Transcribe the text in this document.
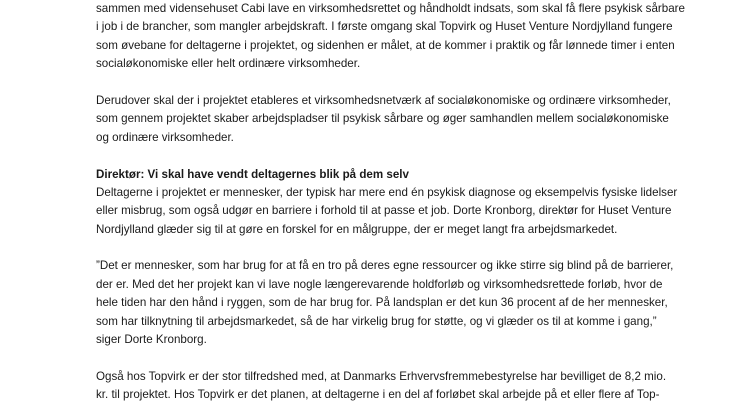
sammen med vidensehuset Cabi lave en virksomhedsrettet og håndholdt indsats, som skal få flere psykisk sårbare
i job i de brancher, som mangler arbejdskraft. I første omgang skal Topvirk og Huset Venture Nordjylland fungere
som øvebane for deltagerne i projektet, og sidenhen er målet, at de kommer i praktik og får lønnede timer i enten
socialøkonomiske eller helt ordinære virksomheder.
Derudover skal der i projektet etableres et virksomhedsnetværk af socialøkonomiske og ordinære virksomheder,
som gennem projektet skaber arbejdspladser til psykisk sårbare og øger samhandlen mellem socialøkonomiske
og ordinære virksomheder.
Direktør: Vi skal have vendt deltagernes blik på dem selv
Deltagerne i projektet er mennesker, der typisk har mere end én psykisk diagnose og eksempelvis fysiske lidelser
eller misbrug, som også udgør en barriere i forhold til at passe et job. Dorte Kronborg, direktør for Huset Venture
Nordjylland glæder sig til at gøre en forskel for en målgruppe, der er meget langt fra arbejdsmarkedet.
”Det er mennesker, som har brug for at få en tro på deres egne ressourcer og ikke stirre sig blind på de barrierer,
der er. Med det her projekt kan vi lave nogle længerevarende holdforløb og virksomhedsrettede forløb, hvor de
hele tiden har den hånd i ryggen, som de har brug for. På landsplan er det kun 36 procent af de her mennesker,
som har tilknytning til arbejdsmarkedet, så de har virkelig brug for støtte, og vi glæder os til at komme i gang,”
siger Dorte Kronborg.
Også hos Topvirk er der stor tilfredshed med, at Danmarks Erhvervsfremmebestyrelse har bevilliget de 8,2 mio.
kr. til projektet. Hos Topvirk er det planen, at deltagerne i en del af forløbet skal arbejde på et eller flere af Top-
